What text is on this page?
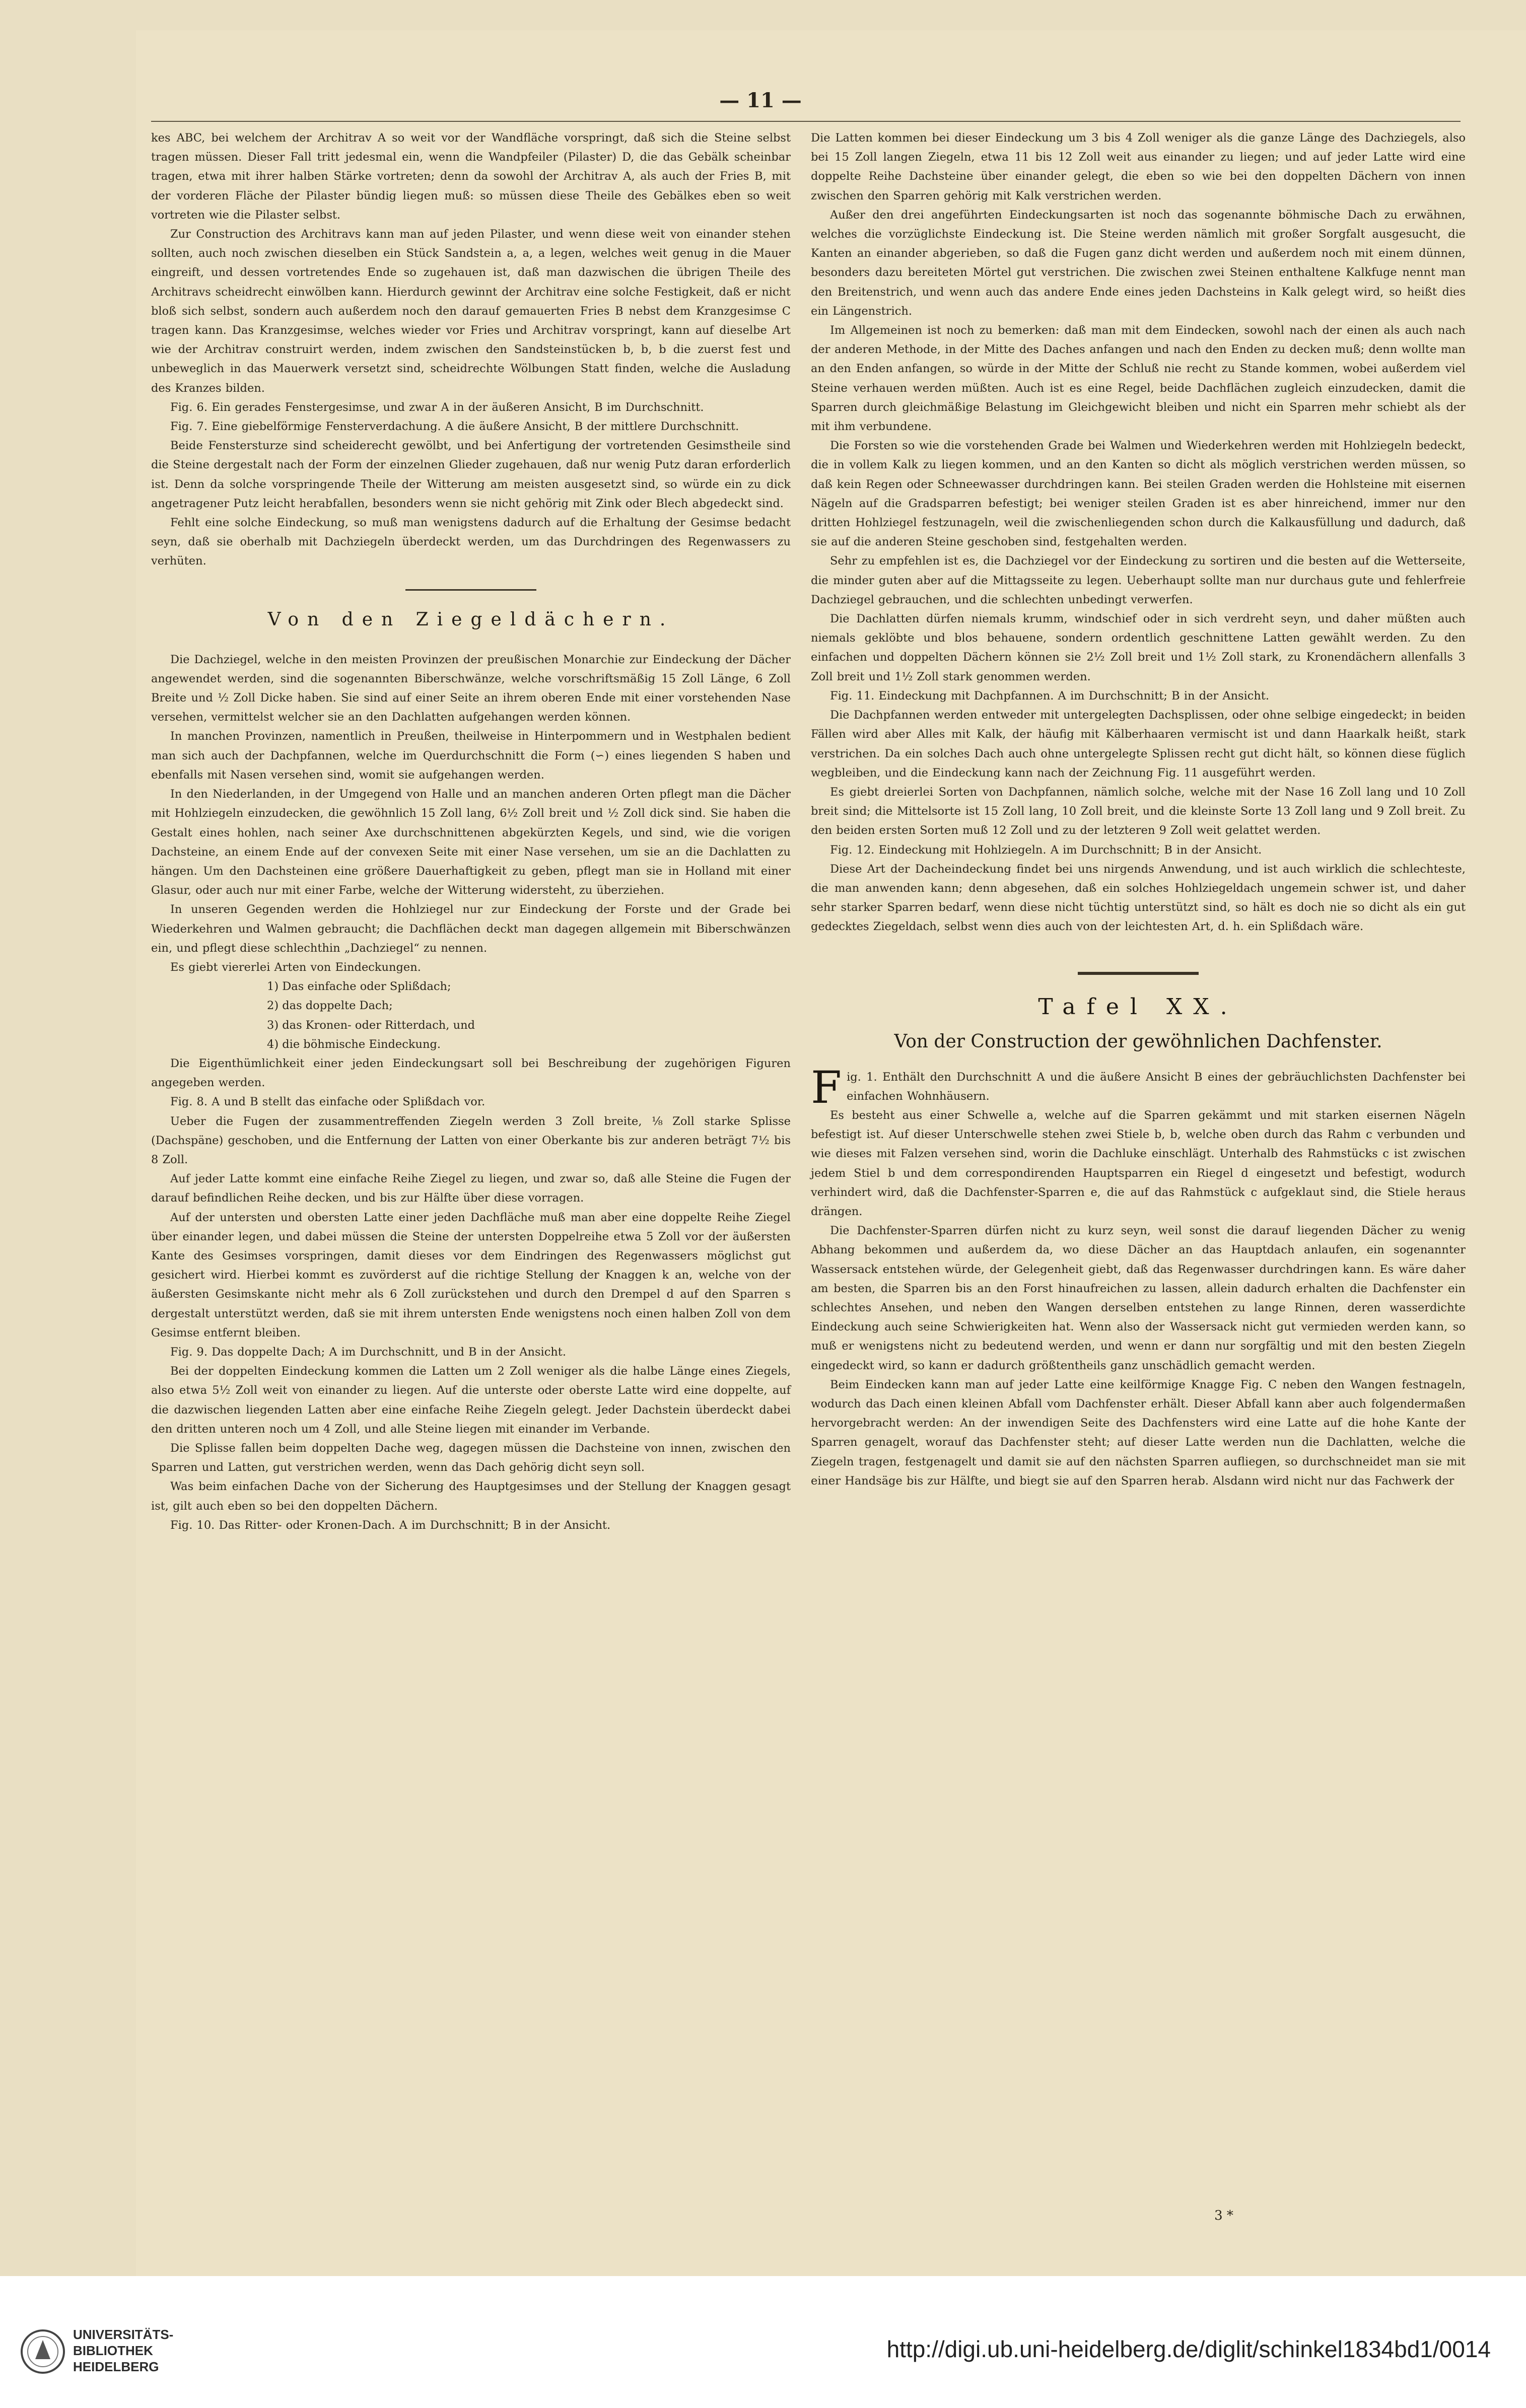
— 11 —

kes ABC, bei welchem der Architrav A so weit vor der Wandfläche vorspringt, daß sich die Steine selbst tragen müssen. Dieser Fall tritt jedesmal ein, wenn die Wandpfeiler (Pilaster) D, die das Gebälk scheinbar tragen, etwa mit ihrer halben Stärke vortreten; denn da sowohl der Architrav A, als auch der Fries B, mit der vorderen Fläche der Pilaster bündig liegen muß: so müssen diese Theile des Gebälkes eben so weit vortreten wie die Pilaster selbst.

Zur Construction des Architravs kann man auf jeden Pilaster, und wenn diese weit von einander stehen sollten, auch noch zwischen dieselben ein Stück Sandstein a, a, a legen, welches weit genug in die Mauer eingreift, und dessen vortretendes Ende so zugehauen ist, daß man dazwischen die übrigen Theile des Architravs scheidrecht einwölben kann. Hierdurch gewinnt der Architrav eine solche Festigkeit, daß er nicht bloß sich selbst, sondern auch außerdem noch den darauf gemauerten Fries B nebst dem Kranzgesimse C tragen kann. Das Kranzgesimse, welches wieder vor Fries und Architrav vorspringt, kann auf dieselbe Art wie der Architrav construirt werden, indem zwischen den Sandsteinstücken b, b, b die zuerst fest und unbeweglich in das Mauerwerk versetzt sind, scheidrechte Wölbungen Statt finden, welche die Ausladung des Kranzes bilden.

Fig. 6. Ein gerades Fenstergesimse, und zwar A in der äußeren Ansicht, B im Durchschnitt.

Fig. 7. Eine giebelförmige Fensterverdachung. A die äußere Ansicht, B der mittlere Durchschnitt.

Beide Fenstersturze sind scheiderecht gewölbt, und bei Anfertigung der vortretenden Gesimstheile sind die Steine dergestalt nach der Form der einzelnen Glieder zugehauen, daß nur wenig Putz daran erforderlich ist. Denn da solche vorspringende Theile der Witterung am meisten ausgesetzt sind, so würde ein zu dick angetragener Putz leicht herabfallen, besonders wenn sie nicht gehörig mit Zink oder Blech abgedeckt sind.

Fehlt eine solche Eindeckung, so muß man wenigstens dadurch auf die Erhaltung der Gesimse bedacht seyn, daß sie oberhalb mit Dachziegeln überdeckt werden, um das Durchdringen des Regenwassers zu verhüten.

Von den Ziegeldächern.

Die Dachziegel, welche in den meisten Provinzen der preußischen Monarchie zur Eindeckung der Dächer angewendet werden, sind die sogenannten Biberschwänze, welche vorschriftsmäßig 15 Zoll Länge, 6 Zoll Breite und ½ Zoll Dicke haben. Sie sind auf einer Seite an ihrem oberen Ende mit einer vorstehenden Nase versehen, vermittelst welcher sie an den Dachlatten aufgehangen werden können.

In manchen Provinzen, namentlich in Preußen, theilweise in Hinterpommern und in Westphalen bedient man sich auch der Dachpfannen, welche im Querdurchschnitt die Form (∽) eines liegenden S haben und ebenfalls mit Nasen versehen sind, womit sie aufgehangen werden.

In den Niederlanden, in der Umgegend von Halle und an manchen anderen Orten pflegt man die Dächer mit Hohlziegeln einzudecken, die gewöhnlich 15 Zoll lang, 6½ Zoll breit und ½ Zoll dick sind. Sie haben die Gestalt eines hohlen, nach seiner Axe durchschnittenen abgekürzten Kegels, und sind, wie die vorigen Dachsteine, an einem Ende auf der convexen Seite mit einer Nase versehen, um sie an die Dachlatten zu hängen. Um den Dachsteinen eine größere Dauerhaftigkeit zu geben, pflegt man sie in Holland mit einer Glasur, oder auch nur mit einer Farbe, welche der Witterung widersteht, zu überziehen.

In unseren Gegenden werden die Hohlziegel nur zur Eindeckung der Forste und der Grade bei Wiederkehren und Walmen gebraucht; die Dachflächen deckt man dagegen allgemein mit Biberschwänzen ein, und pflegt diese schlechthin „Dachziegel“ zu nennen.

Es giebt viererlei Arten von Eindeckungen.

1) Das einfache oder Splißdach;

2) das doppelte Dach;

3) das Kronen- oder Ritterdach, und

4) die böhmische Eindeckung.

Die Eigenthümlichkeit einer jeden Eindeckungsart soll bei Beschreibung der zugehörigen Figuren angegeben werden.

Fig. 8. A und B stellt das einfache oder Splißdach vor.

Ueber die Fugen der zusammentreffenden Ziegeln werden 3 Zoll breite, ⅛ Zoll starke Splisse (Dachspäne) geschoben, und die Entfernung der Latten von einer Oberkante bis zur anderen beträgt 7½ bis 8 Zoll.

Auf jeder Latte kommt eine einfache Reihe Ziegel zu liegen, und zwar so, daß alle Steine die Fugen der darauf befindlichen Reihe decken, und bis zur Hälfte über diese vorragen.

Auf der untersten und obersten Latte einer jeden Dachfläche muß man aber eine doppelte Reihe Ziegel über einander legen, und dabei müssen die Steine der untersten Doppelreihe etwa 5 Zoll vor der äußersten Kante des Gesimses vorspringen, damit dieses vor dem Eindringen des Regenwassers möglichst gut gesichert wird. Hierbei kommt es zuvörderst auf die richtige Stellung der Knaggen k an, welche von der äußersten Gesimskante nicht mehr als 6 Zoll zurückstehen und durch den Drempel d auf den Sparren s dergestalt unterstützt werden, daß sie mit ihrem untersten Ende wenigstens noch einen halben Zoll von dem Gesimse entfernt bleiben.

Fig. 9. Das doppelte Dach; A im Durchschnitt, und B in der Ansicht.

Bei der doppelten Eindeckung kommen die Latten um 2 Zoll weniger als die halbe Länge eines Ziegels, also etwa 5½ Zoll weit von einander zu liegen. Auf die unterste oder oberste Latte wird eine doppelte, auf die dazwischen liegenden Latten aber eine einfache Reihe Ziegeln gelegt. Jeder Dachstein überdeckt dabei den dritten unteren noch um 4 Zoll, und alle Steine liegen mit einander im Verbande.

Die Splisse fallen beim doppelten Dache weg, dagegen müssen die Dachsteine von innen, zwischen den Sparren und Latten, gut verstrichen werden, wenn das Dach gehörig dicht seyn soll.

Was beim einfachen Dache von der Sicherung des Hauptgesimses und der Stellung der Knaggen gesagt ist, gilt auch eben so bei den doppelten Dächern.

Fig. 10. Das Ritter- oder Kronen-Dach. A im Durchschnitt; B in der Ansicht.

Die Latten kommen bei dieser Eindeckung um 3 bis 4 Zoll weniger als die ganze Länge des Dachziegels, also bei 15 Zoll langen Ziegeln, etwa 11 bis 12 Zoll weit aus einander zu liegen; und auf jeder Latte wird eine doppelte Reihe Dachsteine über einander gelegt, die eben so wie bei den doppelten Dächern von innen zwischen den Sparren gehörig mit Kalk verstrichen werden.

Außer den drei angeführten Eindeckungsarten ist noch das sogenannte böhmische Dach zu erwähnen, welches die vorzüglichste Eindeckung ist. Die Steine werden nämlich mit großer Sorgfalt ausgesucht, die Kanten an einander abgerieben, so daß die Fugen ganz dicht werden und außerdem noch mit einem dünnen, besonders dazu bereiteten Mörtel gut verstrichen. Die zwischen zwei Steinen enthaltene Kalkfuge nennt man den Breitenstrich, und wenn auch das andere Ende eines jeden Dachsteins in Kalk gelegt wird, so heißt dies ein Längenstrich.

Im Allgemeinen ist noch zu bemerken: daß man mit dem Eindecken, sowohl nach der einen als auch nach der anderen Methode, in der Mitte des Daches anfangen und nach den Enden zu decken muß; denn wollte man an den Enden anfangen, so würde in der Mitte der Schluß nie recht zu Stande kommen, wobei außerdem viel Steine verhauen werden müßten. Auch ist es eine Regel, beide Dachflächen zugleich einzudecken, damit die Sparren durch gleichmäßige Belastung im Gleichgewicht bleiben und nicht ein Sparren mehr schiebt als der mit ihm verbundene.

Die Forsten so wie die vorstehenden Grade bei Walmen und Wiederkehren werden mit Hohlziegeln bedeckt, die in vollem Kalk zu liegen kommen, und an den Kanten so dicht als möglich verstrichen werden müssen, so daß kein Regen oder Schneewasser durchdringen kann. Bei steilen Graden werden die Hohlsteine mit eisernen Nägeln auf die Gradsparren befestigt; bei weniger steilen Graden ist es aber hinreichend, immer nur den dritten Hohlziegel festzunageln, weil die zwischenliegenden schon durch die Kalkausfüllung und dadurch, daß sie auf die anderen Steine geschoben sind, festgehalten werden.

Sehr zu empfehlen ist es, die Dachziegel vor der Eindeckung zu sortiren und die besten auf die Wetterseite, die minder guten aber auf die Mittagsseite zu legen. Ueberhaupt sollte man nur durchaus gute und fehlerfreie Dachziegel gebrauchen, und die schlechten unbedingt verwerfen.

Die Dachlatten dürfen niemals krumm, windschief oder in sich verdreht seyn, und daher müßten auch niemals geklöbte und blos behauene, sondern ordentlich geschnittene Latten gewählt werden. Zu den einfachen und doppelten Dächern können sie 2½ Zoll breit und 1½ Zoll stark, zu Kronendächern allenfalls 3 Zoll breit und 1½ Zoll stark genommen werden.

Fig. 11. Eindeckung mit Dachpfannen. A im Durchschnitt; B in der Ansicht.

Die Dachpfannen werden entweder mit untergelegten Dachsplissen, oder ohne selbige eingedeckt; in beiden Fällen wird aber Alles mit Kalk, der häufig mit Kälberhaaren vermischt ist und dann Haarkalk heißt, stark verstrichen. Da ein solches Dach auch ohne untergelegte Splissen recht gut dicht hält, so können diese füglich wegbleiben, und die Eindeckung kann nach der Zeichnung Fig. 11 ausgeführt werden.

Es giebt dreierlei Sorten von Dachpfannen, nämlich solche, welche mit der Nase 16 Zoll lang und 10 Zoll breit sind; die Mittelsorte ist 15 Zoll lang, 10 Zoll breit, und die kleinste Sorte 13 Zoll lang und 9 Zoll breit. Zu den beiden ersten Sorten muß 12 Zoll und zu der letzteren 9 Zoll weit gelattet werden.

Fig. 12. Eindeckung mit Hohlziegeln. A im Durchschnitt; B in der Ansicht.

Diese Art der Dacheindeckung findet bei uns nirgends Anwendung, und ist auch wirklich die schlechteste, die man anwenden kann; denn abgesehen, daß ein solches Hohlziegeldach ungemein schwer ist, und daher sehr starker Sparren bedarf, wenn diese nicht tüchtig unterstützt sind, so hält es doch nie so dicht als ein gut gedecktes Ziegeldach, selbst wenn dies auch von der leichtesten Art, d. h. ein Splißdach wäre.

Tafel XX.
Von der Construction der gewöhnlichen Dachfenster.
F ig. 1. Enthält den Durchschnitt A und die äußere Ansicht B eines der gebräuchlichsten Dachfenster bei einfachen Wohnhäusern.

Es besteht aus einer Schwelle a, welche auf die Sparren gekämmt und mit starken eisernen Nägeln befestigt ist. Auf dieser Unterschwelle stehen zwei Stiele b, b, welche oben durch das Rahm c verbunden und wie dieses mit Falzen versehen sind, worin die Dachluke einschlägt. Unterhalb des Rahmstücks c ist zwischen jedem Stiel b und dem correspondirenden Hauptsparren ein Riegel d eingesetzt und befestigt, wodurch verhindert wird, daß die Dachfenster-Sparren e, die auf das Rahmstück c aufgeklaut sind, die Stiele heraus drängen.

Die Dachfenster-Sparren dürfen nicht zu kurz seyn, weil sonst die darauf liegenden Dächer zu wenig Abhang bekommen und außerdem da, wo diese Dächer an das Hauptdach anlaufen, ein sogenannter Wassersack entstehen würde, der Gelegenheit giebt, daß das Regenwasser durchdringen kann. Es wäre daher am besten, die Sparren bis an den Forst hinaufreichen zu lassen, allein dadurch erhalten die Dachfenster ein schlechtes Ansehen, und neben den Wangen derselben entstehen zu lange Rinnen, deren wasserdichte Eindeckung auch seine Schwierigkeiten hat. Wenn also der Wassersack nicht gut vermieden werden kann, so muß er wenigstens nicht zu bedeutend werden, und wenn er dann nur sorgfältig und mit den besten Ziegeln eingedeckt wird, so kann er dadurch größtentheils ganz unschädlich gemacht werden.

Beim Eindecken kann man auf jeder Latte eine keilförmige Knagge Fig. C neben den Wangen festnageln, wodurch das Dach einen kleinen Abfall vom Dachfenster erhält. Dieser Abfall kann aber auch folgendermaßen hervorgebracht werden: An der inwendigen Seite des Dachfensters wird eine Latte auf die hohe Kante der Sparren genagelt, worauf das Dachfenster steht; auf dieser Latte werden nun die Dachlatten, welche die Ziegeln tragen, festgenagelt und damit sie auf den nächsten Sparren aufliegen, so durchschneidet man sie mit einer Handsäge bis zur Hälfte, und biegt sie auf den Sparren herab. Alsdann wird nicht nur das Fachwerk der

3 *
UNIVERSITÄTS-
BIBLIOTHEK
HEIDELBERG
http://digi.ub.uni-heidelberg.de/diglit/schinkel1834bd1/0014
